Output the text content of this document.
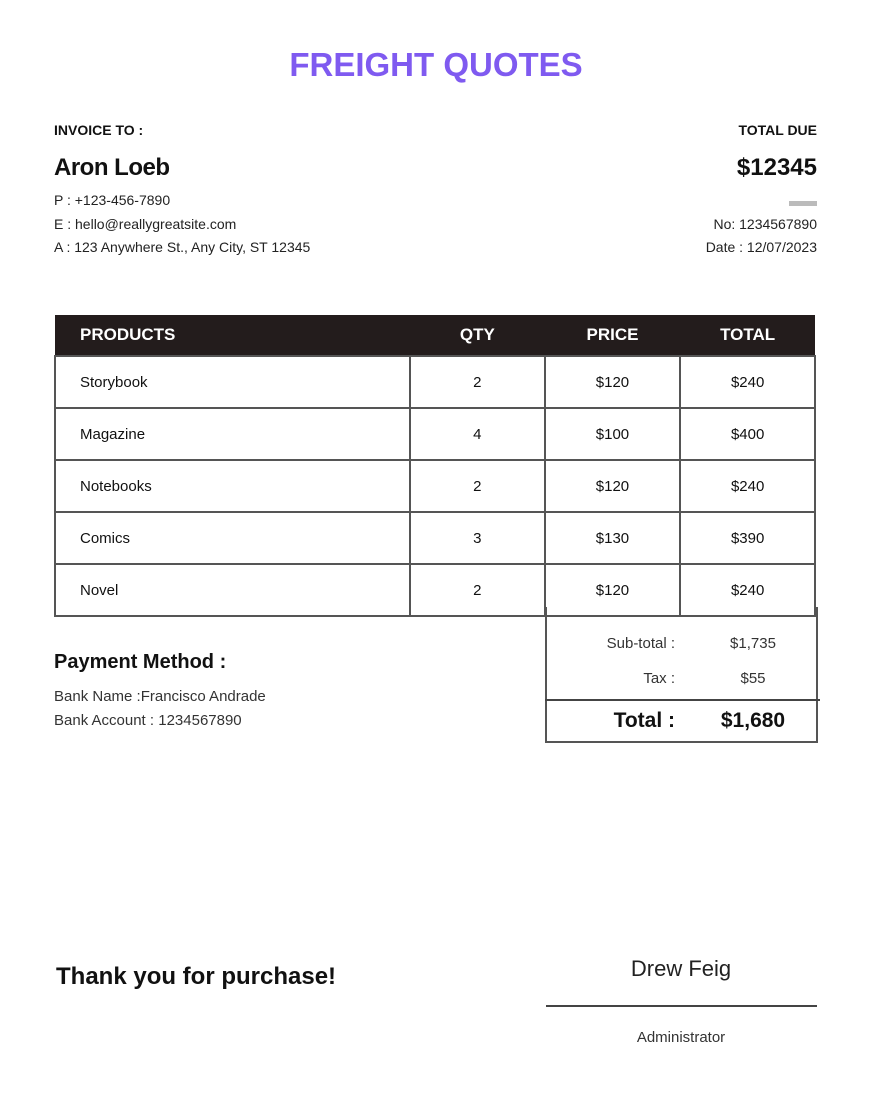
FREIGHT QUOTES
INVOICE TO :
Aron Loeb
P : +123-456-7890
E : hello@reallygreatsite.com
A : 123 Anywhere St., Any City, ST 12345
TOTAL DUE
$12345
No: 1234567890
Date : 12/07/2023
PRODUCTS	QTY	PRICE	TOTAL
Storybook	2	$120	$240
Magazine	4	$100	$400
Notebooks	2	$120	$240
Comics	3	$130	$390
Novel	2	$120	$240
Sub-total :	$1,735
Tax :	$55
Total :	$1,680
Payment Method :
Bank Name :Francisco Andrade
Bank Account : 1234567890
Thank you for purchase!	Drew Feig
Administrator
